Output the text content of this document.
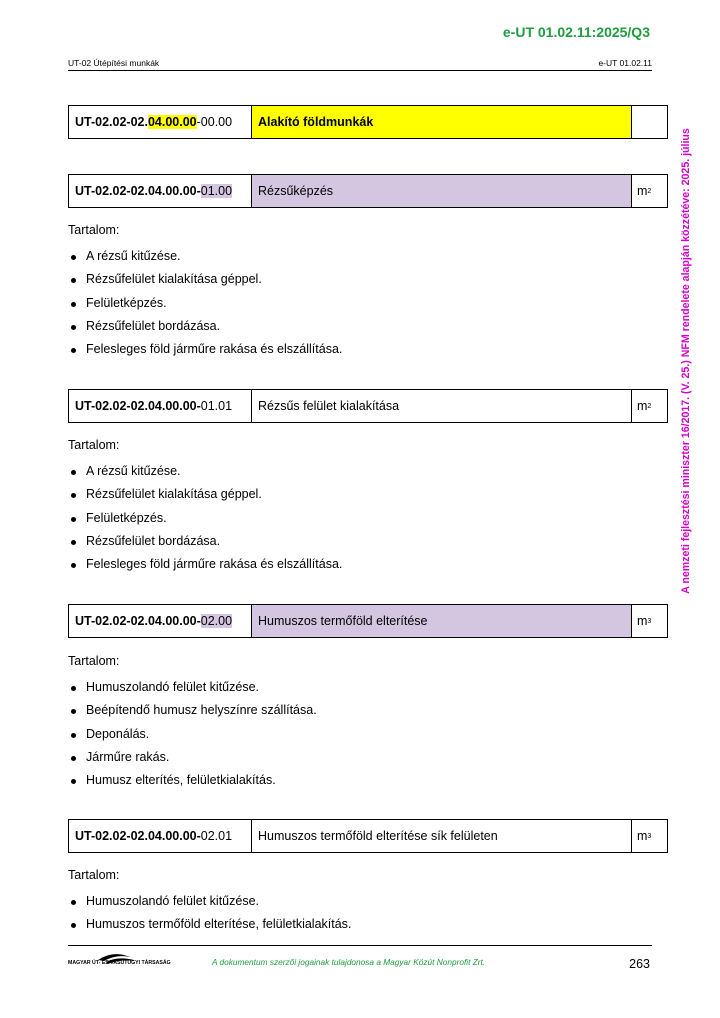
e-UT 01.02.11:2025/Q3
UT-02 Útépítési munkák	e-UT 01.02.11
A nemzeti fejlesztési miniszter 16/2017. (V. 25.) NFM rendelete alapján közzétéve: 2025. július
UT-02.02-02. 04.00.00 -00.00	Alakító földmunkák
UT-02.02-02.04.00.00- 01.00	Rézsűképzés	m 2
Tartalom:
A rézsű kitűzése.
Rézsűfelület kialakítása géppel.
Felületképzés.
Rézsűfelület bordázása.
Felesleges föld járműre rakása és elszállítása.
UT-02.02-02.04.00.00- 01.01	Rézsűs felület kialakítása	m 2
Tartalom:
A rézsű kitűzése.
Rézsűfelület kialakítása géppel.
Felületképzés.
Rézsűfelület bordázása.
Felesleges föld járműre rakása és elszállítása.
UT-02.02-02.04.00.00- 02.00	Humuszos termőföld elterítése	m 3
Tartalom:
Humuszolandó felület kitűzése.
Beépítendő humusz helyszínre szállítása.
Deponálás.
Járműre rakás.
Humusz elterítés, felületkialakítás.
UT-02.02-02.04.00.00- 02.01	Humuszos termőföld elterítése sík felületen	m 3
Tartalom:
Humuszolandó felület kitűzése.
Humuszos termőföld elterítése, felületkialakítás.
MAGYAR ÚT- ÉS VASÚTÜGYI TÁRSASÁG	A dokumentum szerzői jogainak tulajdonosa a Magyar Közút Nonprofit Zrt.	263
